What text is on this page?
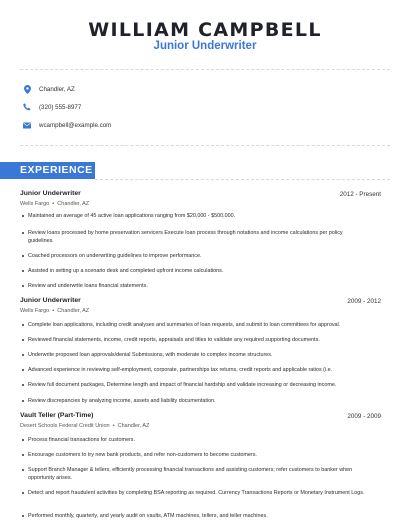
WILLIAM CAMPBELL
Junior Underwriter
Chandler, AZ
(320) 555-8977
wcampbell@example.com
EXPERIENCE
Junior Underwriter	2012 - Present
Wells Fargo  •  Chandler, AZ
Maintained an average of 45 active loan applications ranging from $20,000 - $500,000.
Review loans processed by home preservation servicers Execute loan process through notations and income calculations per policy guidelines.
Coached processors on underwriting guidelines to improve performance.
Assisted in setting up a scenario desk and completed upfront income calculations.
Review and underwrite loans financial statements.
Junior Underwriter	2009 - 2012
Wells Fargo  •  Chandler, AZ
Complete loan applications, including credit analyses and summaries of loan requests, and submit to loan committees for approval.
Reviewed financial statements, income, credit reports, appraisals and titles to validate any required supporting documents.
Underwrite proposed loan approvals/denial Submissions, with moderate to complex income structures.
Advanced experience in reviewing self-employment, corporate, partnerships tax returns, credit reports and applicable ratios (i.e.
Review full document packages, Determine length and impact of financial hardship and validate increasing or decreasing income.
Review discrepancies by analyzing income, assets and liability documentation.
Vault Teller (Part-Time)	2009 - 2009
Desert Schools Federal Credit Union  •  Chandler, AZ
Process financial transactions for customers.
Encourage customers to try new bank products, and refer non-customers to become customers.
Support Branch Manager & tellers, efficiently processing financial transactions and assisting customers; refer customers to banker when opportunity arises.
Detect and report fraudulent activities by completing BSA reporting as required. Currency Transactions Reports or Monetary Instrument Logs.
Performed monthly, quarterly, and yearly audit on vaults, ATM machines, tellers, and teller machines.
